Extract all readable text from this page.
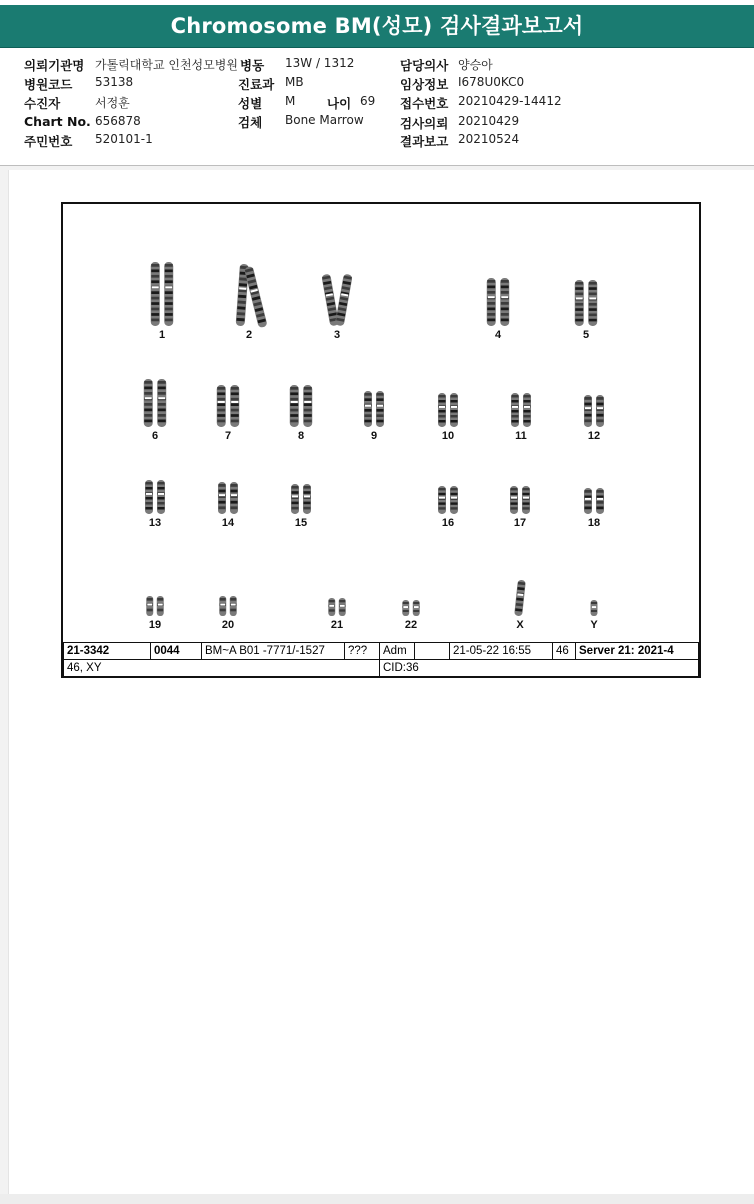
Chromosome BM(성모) 검사결과보고서
의뢰기관명 가톨릭대학교 인천성모병원 병동 13W / 1312	담당의사 양승아
병원코드 53138	진료과 MB	임상정보 I678U0KC0
수진자	서정훈	성별 M	나이 69 접수번호 20210429-14412
Chart No. 656878	검체 Bone Marrow	검사의뢰 20210429
주민번호 520101-1	결과보고 20210524
1	2	3	4	5
6	7	8	9	10	11	12
13	14	15	16	17	18
19	20	21	22	X	Y
21-3342	0044	BM~A B01 -7771/-1527	???	Adm		21-05-22 16:55	46	Server 21: 2021-4
46, XY				CID:36				
